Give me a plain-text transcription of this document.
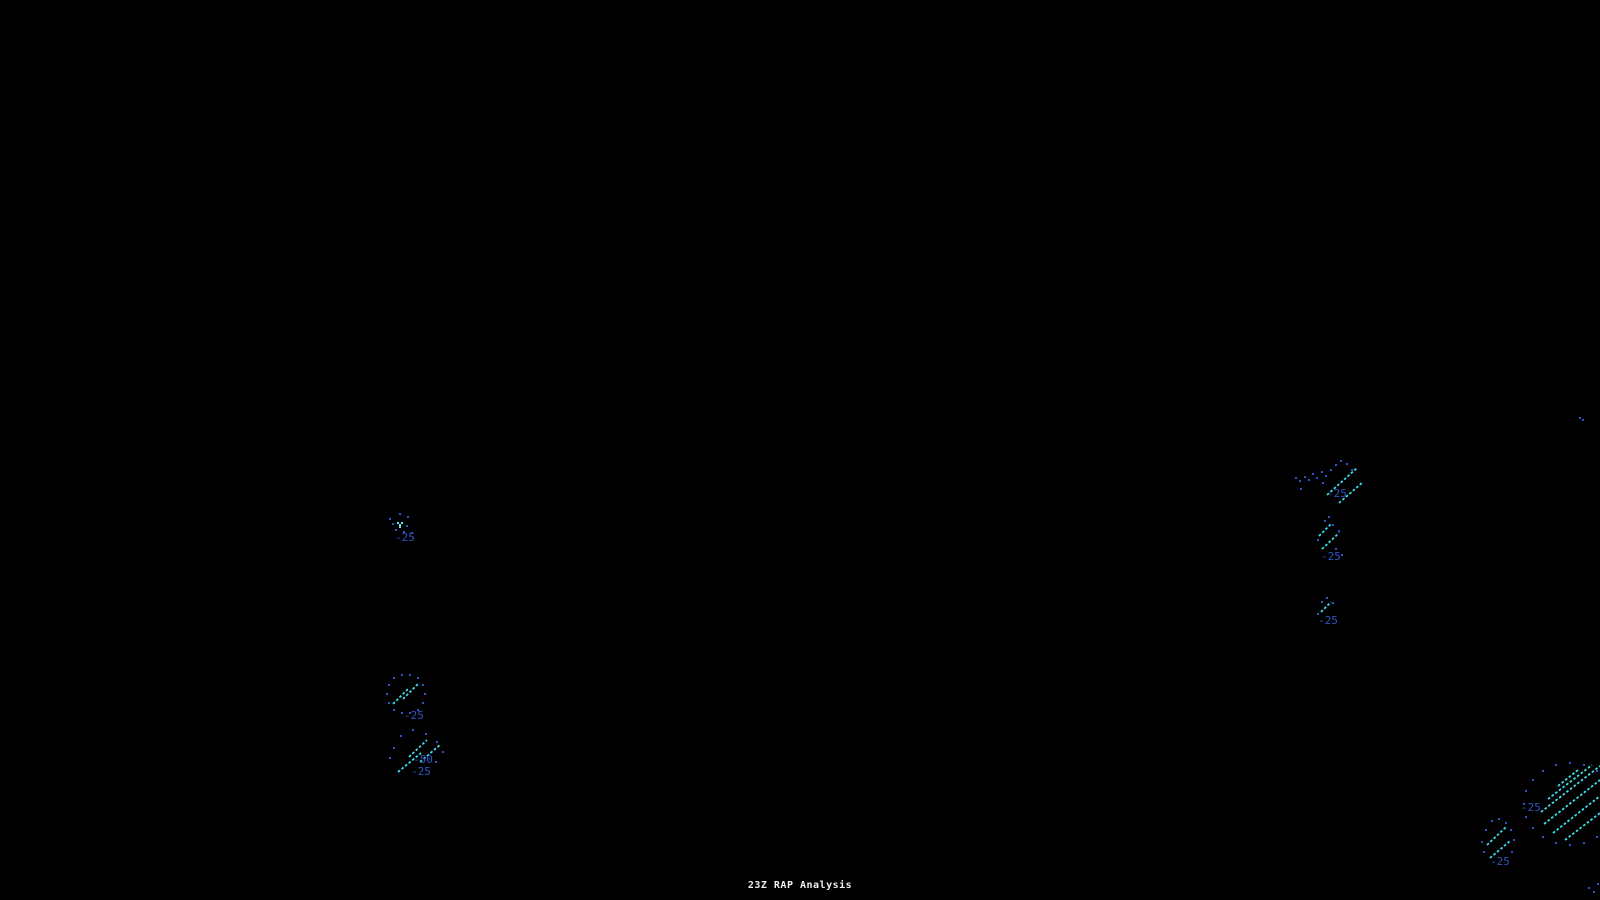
-25
-25
-50
-25
-25
-25
-25
-25
-25
23Z RAP Analysis
